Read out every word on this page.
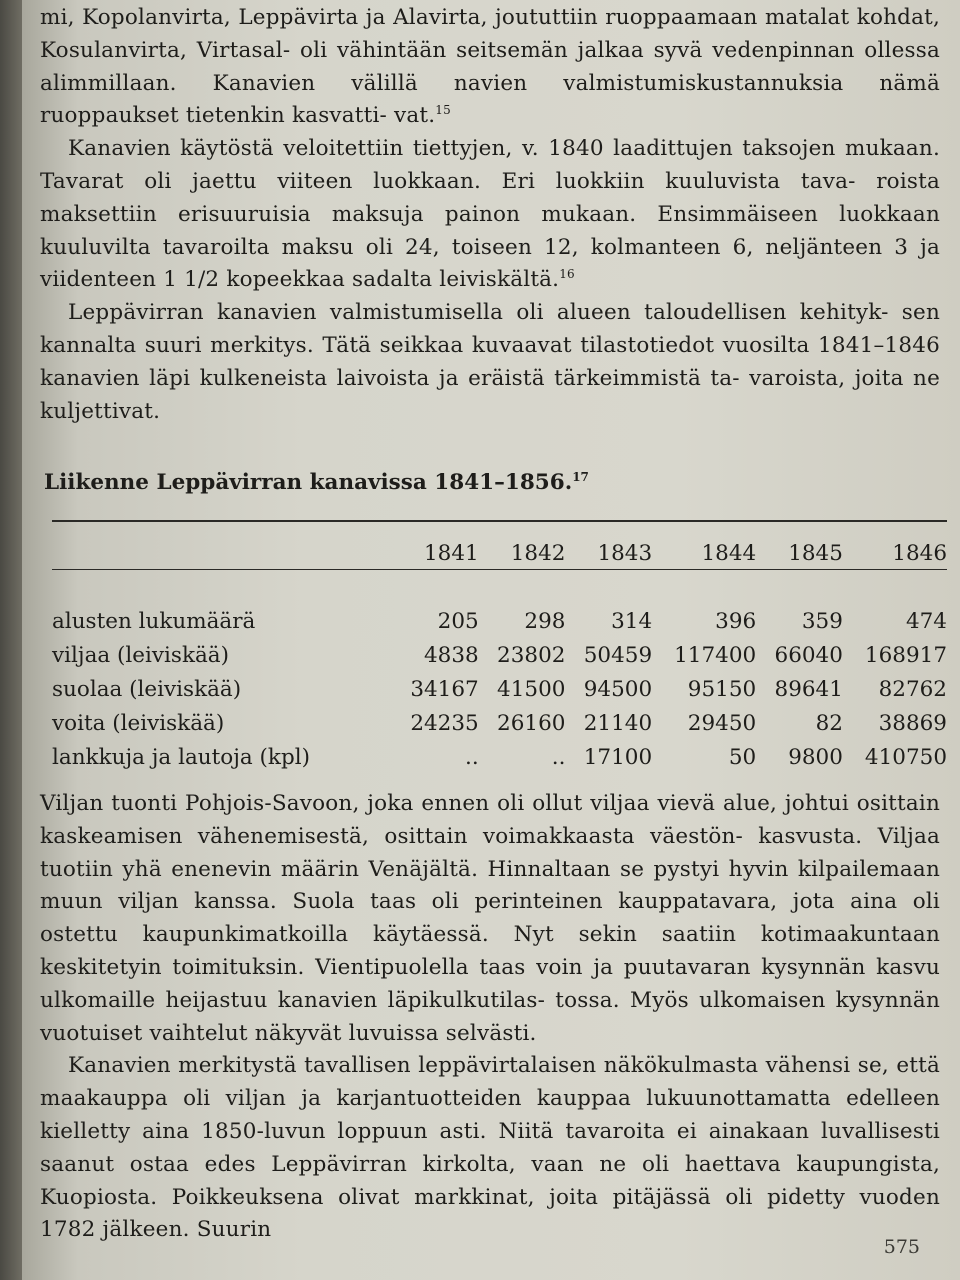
mi, Kopolanvirta, Leppävirta ja Alavirta, joututtiin ruoppaamaan matalat kohdat, Kosulanvirta, Virtasal- oli vähintään seitsemän jalkaa syvä vedenpinnan ollessa alimmillaan. Kanavien välillä navien valmistumiskustannuksia nämä ruoppaukset tietenkin kasvatti- vat.$^{15}$

Kanavien käytöstä veloitettiin tiettyjen, v. 1840 laadittujen taksojen mukaan. Tavarat oli jaettu viiteen luokkaan. Eri luokkiin kuuluvista tava- roista maksettiin erisuuruisia maksuja painon mukaan. Ensimmäiseen luokkaan kuuluvilta tavaroilta maksu oli 24, toiseen 12, kolmanteen 6, neljänteen 3 ja viidenteen 1 1/2 kopeekkaa sadalta leiviskältä.$^{16}$

Leppävirran kanavien valmistumisella oli alueen taloudellisen kehityk- sen kannalta suuri merkitys. Tätä seikkaa kuvaavat tilastotiedot vuosilta 1841–1846 kanavien läpi kulkeneista laivoista ja eräistä tärkeimmistä ta- varoista, joita ne kuljettivat.

Liikenne Leppävirran kanavissa 1841–1856.17
	1841	1842	1843	1844	1845	1846

alusten lukumäärä	205	298	314	396	359	474
viljaa (leiviskää)	4838	23802	50459	117400	66040	168917
suolaa (leiviskää)	34167	41500	94500	95150	89641	82762
voita (leiviskää)	24235	26160	21140	29450	82	38869
lankkuja ja lautoja (kpl)	..	..	17100	50	9800	410750

Viljan tuonti Pohjois-Savoon, joka ennen oli ollut viljaa vievä alue, johtui osittain kaskeamisen vähenemisestä, osittain voimakkaasta väestön- kasvusta. Viljaa tuotiin yhä enenevin määrin Venäjältä. Hinnaltaan se pystyi hyvin kilpailemaan muun viljan kanssa. Suola taas oli perinteinen kauppatavara, jota aina oli ostettu kaupunkimatkoilla käytäessä. Nyt sekin saatiin kotimaakuntaan keskitetyin toimituksin. Vientipuolella taas voin ja puutavaran kysynnän kasvu ulkomaille heijastuu kanavien läpikulkutilas- tossa. Myös ulkomaisen kysynnän vuotuiset vaihtelut näkyvät luvuissa selvästi.

Kanavien merkitystä tavallisen leppävirtalaisen näkökulmasta vähensi se, että maakauppa oli viljan ja karjantuotteiden kauppaa lukuunottamatta edelleen kielletty aina 1850-luvun loppuun asti. Niitä tavaroita ei ainakaan luvallisesti saanut ostaa edes Leppävirran kirkolta, vaan ne oli haettava kaupungista, Kuopiosta. Poikkeuksena olivat markkinat, joita pitäjässä oli pidetty vuoden 1782 jälkeen. Suurin

575
